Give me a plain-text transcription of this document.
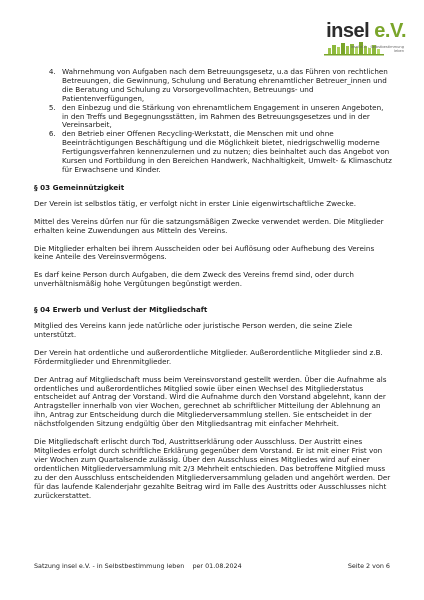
insel e.V.
insel e.V. - Selbstbestimmung
leben
4. Wahrnehmung von Aufgaben nach dem Betreuungsgesetz, u.a das Führen von rechtlichen Betreuungen, die Gewinnung, Schulung und Beratung ehrenamtlicher Betreuer_innen und die Beratung und Schulung zu Vorsorgevollmachten, Betreuungs- und Patientenverfügungen,
5. den Einbezug und die Stärkung von ehrenamtlichem Engagement in unseren Angeboten, in den Treffs und Begegnungsstätten, im Rahmen des Betreuungsgesetzes und in der Vereinsarbeit,
6. den Betrieb einer Offenen Recycling-Werkstatt, die Menschen mit und ohne Beeinträchtigungen Beschäftigung und die Möglichkeit bietet, niedrigschwellig moderne Fertigungsverfahren kennenzulernen und zu nutzen; dies beinhaltet auch das Angebot von Kursen und Fortbildung in den Bereichen Handwerk, Nachhaltigkeit, Umwelt- & Klimaschutz für Erwachsene und Kinder.

§ 03 Gemeinnützigkeit

Der Verein ist selbstlos tätig, er verfolgt nicht in erster Linie eigenwirtschaftliche Zwecke.

Mittel des Vereins dürfen nur für die satzungsmäßigen Zwecke verwendet werden. Die Mitglieder erhalten keine Zuwendungen aus Mitteln des Vereins.

Die Mitglieder erhalten bei ihrem Ausscheiden oder bei Auflösung oder Aufhebung des Vereins keine Anteile des Vereinsvermögens.

Es darf keine Person durch Aufgaben, die dem Zweck des Vereins fremd sind, oder durch unverhältnismäßig hohe Vergütungen begünstigt werden.

§ 04 Erwerb und Verlust der Mitgliedschaft

Mitglied des Vereins kann jede natürliche oder juristische Person werden, die seine Ziele unterstützt.

Der Verein hat ordentliche und außerordentliche Mitglieder. Außerordentliche Mitglieder sind z.B. Fördermitglieder und Ehrenmitglieder.

Der Antrag auf Mitgliedschaft muss beim Vereinsvorstand gestellt werden. Über die Aufnahme als ordentliches und außerordentliches Mitglied sowie über einen Wechsel des Mitgliederstatus entscheidet auf Antrag der Vorstand. Wird die Aufnahme durch den Vorstand abgelehnt, kann der Antragsteller innerhalb von vier Wochen, gerechnet ab schriftlicher Mitteilung der Ablehnung an ihn, Antrag zur Entscheidung durch die Mitgliederversammlung stellen. Sie entscheidet in der nächstfolgenden Sitzung endgültig über den Mitgliedsantrag mit einfacher Mehrheit.

Die Mitgliedschaft erlischt durch Tod, Austrittserklärung oder Ausschluss. Der Austritt eines Mitgliedes erfolgt durch schriftliche Erklärung gegenüber dem Vorstand. Er ist mit einer Frist von vier Wochen zum Quartalsende zulässig. Über den Ausschluss eines Mitgliedes wird auf einer ordentlichen Mitgliederversammlung mit 2/3 Mehrheit entschieden. Das betroffene Mitglied muss zu der den Ausschluss entscheidenden Mitgliederversammlung geladen und angehört werden. Der für das laufende Kalenderjahr gezahlte Beitrag wird im Falle des Austritts oder Ausschlusses nicht zurückerstattet.

Satzung insel e.V. - in Selbstbestimmung leben    per 01.08.2024	Seite 2 von 6
